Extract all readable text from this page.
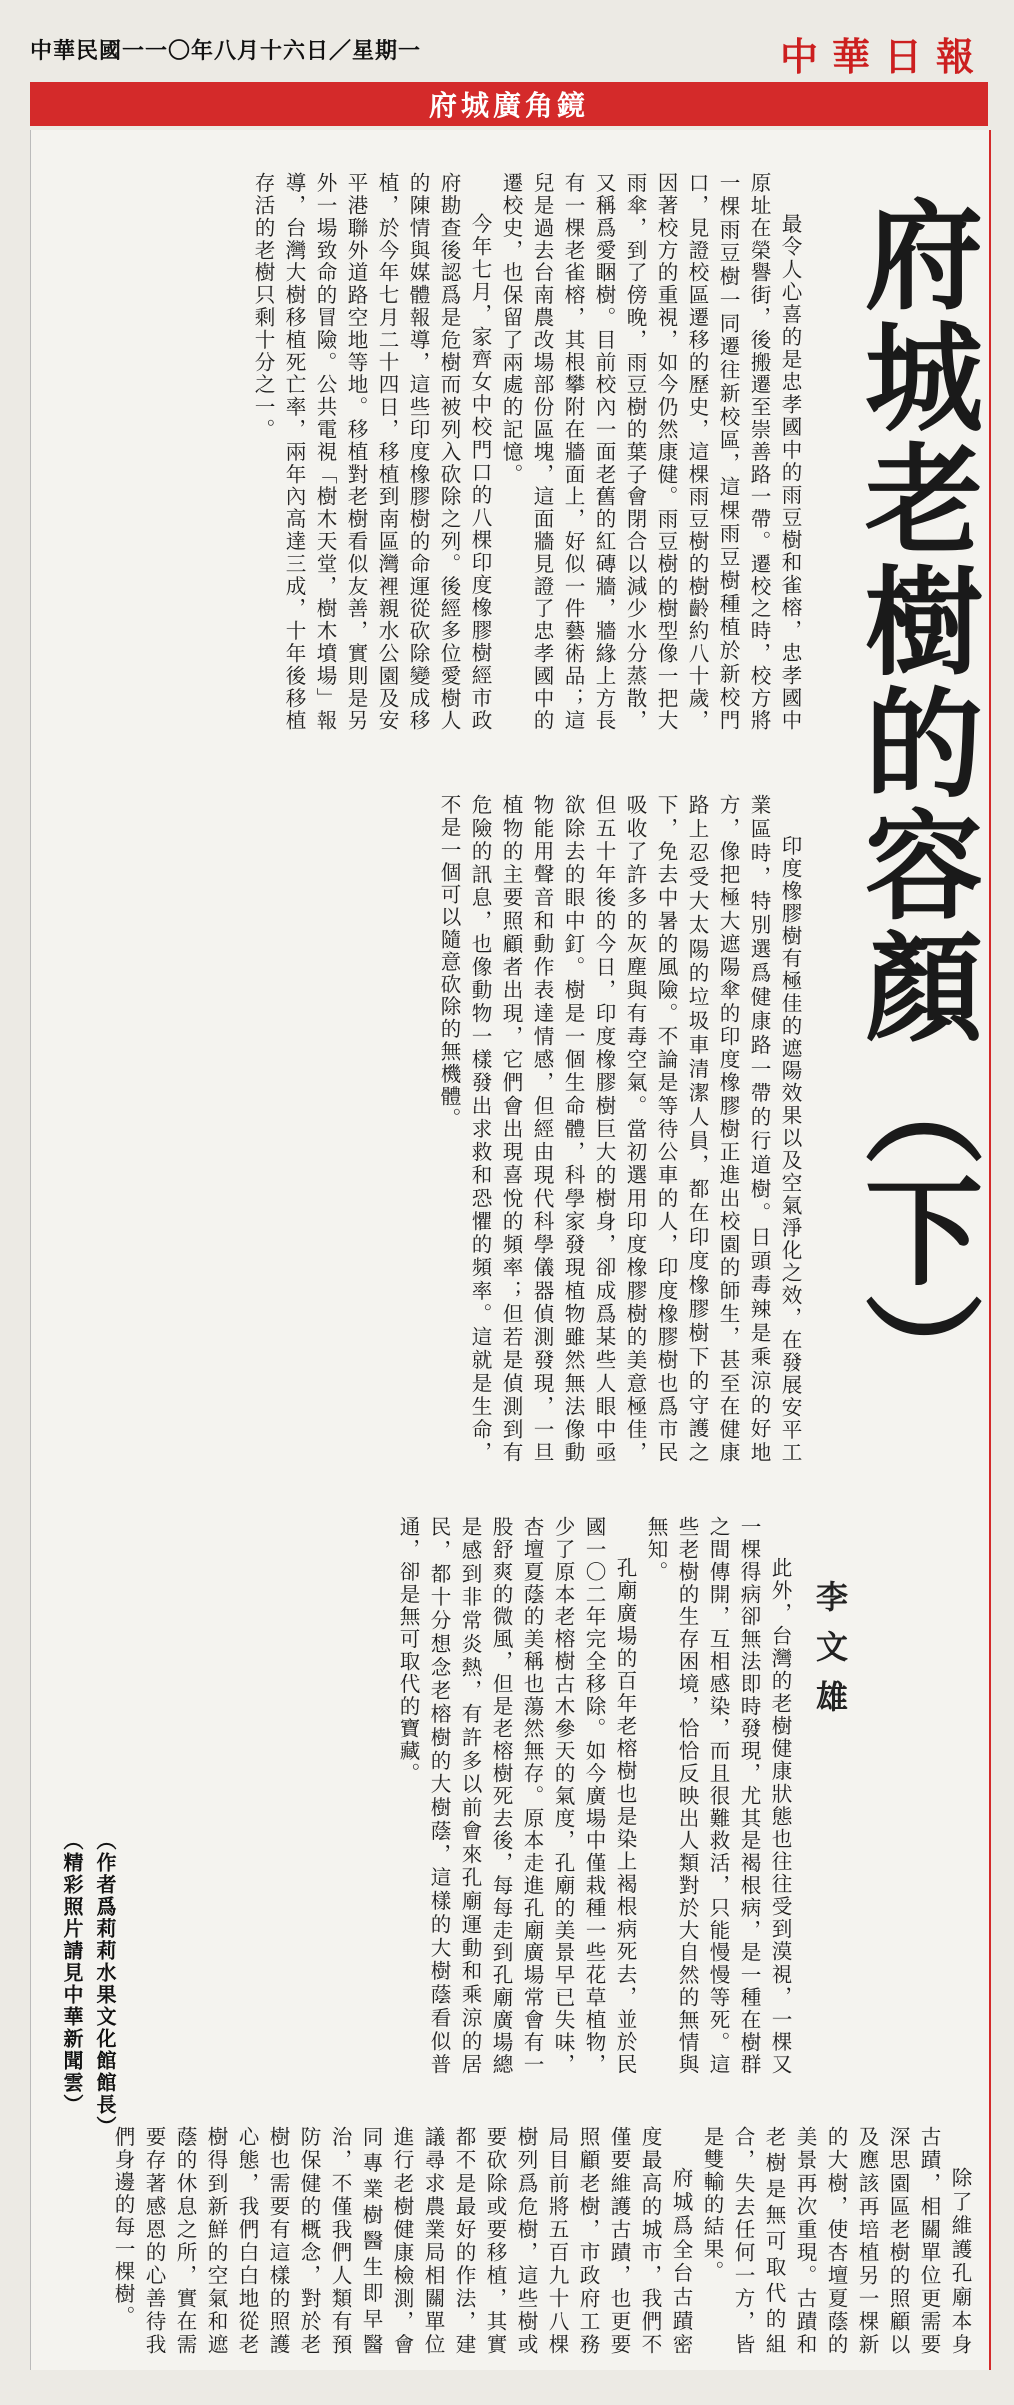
中華民國一一〇年八月十六日／星期一	中華日報
府城廣角鏡
府城老樹的容顏（下）
李文雄

最令人心喜的是忠孝國中的雨豆樹和雀榕，忠孝國中原址在榮譽街，後搬遷至崇善路一帶。遷校之時，校方將一棵雨豆樹一同遷往新校區，這棵雨豆樹種植於新校門口，見證校區遷移的歷史，這棵雨豆樹的樹齡約八十歲，因著校方的重視，如今仍然康健。雨豆樹的樹型像一把大雨傘，到了傍晚，雨豆樹的葉子會閉合以減少水分蒸散，又稱爲愛睏樹。目前校內一面老舊的紅磚牆，牆緣上方長有一棵老雀榕，其根攀附在牆面上，好似一件藝術品；這兒是過去台南農改場部份區塊，這面牆見證了忠孝國中的遷校史，也保留了兩處的記憶。

今年七月，家齊女中校門口的八棵印度橡膠樹經市政府勘查後認爲是危樹而被列入砍除之列。後經多位愛樹人的陳情與媒體報導，這些印度橡膠樹的命運從砍除變成移植，於今年七月二十四日，移植到南區灣裡親水公園及安平港聯外道路空地等地。移植對老樹看似友善，實則是另外一場致命的冒險。公共電視「樹木天堂，樹木墳場」報導，台灣大樹移植死亡率，兩年內高達三成，十年後移植存活的老樹只剩十分之一。

印度橡膠樹有極佳的遮陽效果以及空氣淨化之效，在發展安平工業區時，特別選爲健康路一帶的行道樹。日頭毒辣是乘涼的好地方，像把極大遮陽傘的印度橡膠樹正進出校園的師生，甚至在健康路上忍受大太陽的垃圾車清潔人員，都在印度橡膠樹下的守護之下，免去中暑的風險。不論是等待公車的人，印度橡膠樹也爲市民吸收了許多的灰塵與有毒空氣。當初選用印度橡膠樹的美意極佳，但五十年後的今日，印度橡膠樹巨大的樹身，卻成爲某些人眼中亟欲除去的眼中釘。樹是一個生命體，科學家發現植物雖然無法像動物能用聲音和動作表達情感，但經由現代科學儀器偵測發現，一旦植物的主要照顧者出現，它們會出現喜悅的頻率；但若是偵測到有危險的訊息，也像動物一樣發出求救和恐懼的頻率。這就是生命，不是一個可以隨意砍除的無機體。

此外，台灣的老樹健康狀態也往往受到漠視，一棵又一棵得病卻無法即時發現，尤其是褐根病，是一種在樹群之間傳開，互相感染，而且很難救活，只能慢慢等死。這些老樹的生存困境，恰恰反映出人類對於大自然的無情與無知。

孔廟廣場的百年老榕樹也是染上褐根病死去，並於民國一〇二年完全移除。如今廣場中僅栽種一些花草植物，少了原本老榕樹古木參天的氣度，孔廟的美景早已失味，杏壇夏蔭的美稱也蕩然無存。原本走進孔廟廣場常會有一股舒爽的微風，但是老榕樹死去後，每每走到孔廟廣場總是感到非常炎熱，有許多以前會來孔廟運動和乘涼的居民，都十分想念老榕樹的大樹蔭，這樣的大樹蔭看似普通，卻是無可取代的寶藏。

除了維護孔廟本身古蹟，相關單位更需要深思園區老樹的照顧以及應該再培植另一棵新的大樹，使杏壇夏蔭的美景再次重現。古蹟和老樹是無可取代的組合，失去任何一方，皆是雙輸的結果。

府城爲全台古蹟密度最高的城市，我們不僅要維護古蹟，也更要照顧老樹，市政府工務局目前將五百九十八棵樹列爲危樹，這些樹或要砍除或要移植，其實都不是最好的作法，建議尋求農業局相關單位進行老樹健康檢測，會同專業樹醫生即早醫治，不僅我們人類有預防保健的概念，對於老樹也需要有這樣的照護心態，我們白白地從老樹得到新鮮的空氣和遮蔭的休息之所，實在需要存著感恩的心善待我們身邊的每一棵樹。

（作者爲莉莉水果文化館館長）
（精彩照片請見中華新聞雲）
